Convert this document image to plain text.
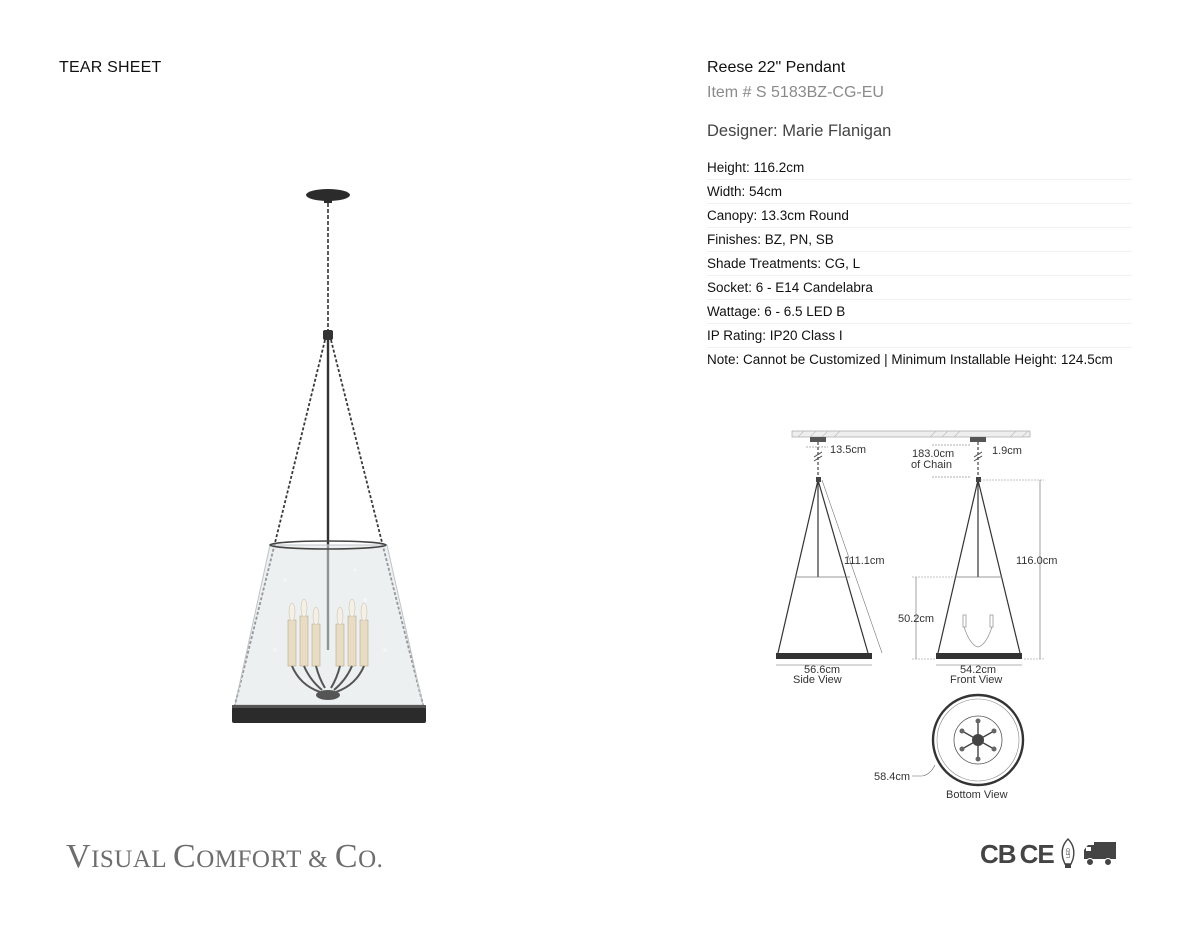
TEAR SHEET	Reese 22" Pendant
Item # S 5183BZ-CG-EU
Designer: Marie Flanigan
Height: 116.2cm
Width: 54cm
Canopy: 13.3cm Round
Finishes: BZ, PN, SB
Shade Treatments: CG, L
Socket: 6 - E14 Candelabra
Wattage: 6 - 6.5 LED B
IP Rating: IP20 Class I
Note: Cannot be Customized | Minimum Installable Height: 124.5cm
13.5cm
111.1cm
56.6cm
Side View
183.0cm
of Chain
1.9cm
116.0cm
50.2cm
54.2cm
Front View
58.4cm
Bottom View
VISUAL COMFORT & CO.	CB CE LED
